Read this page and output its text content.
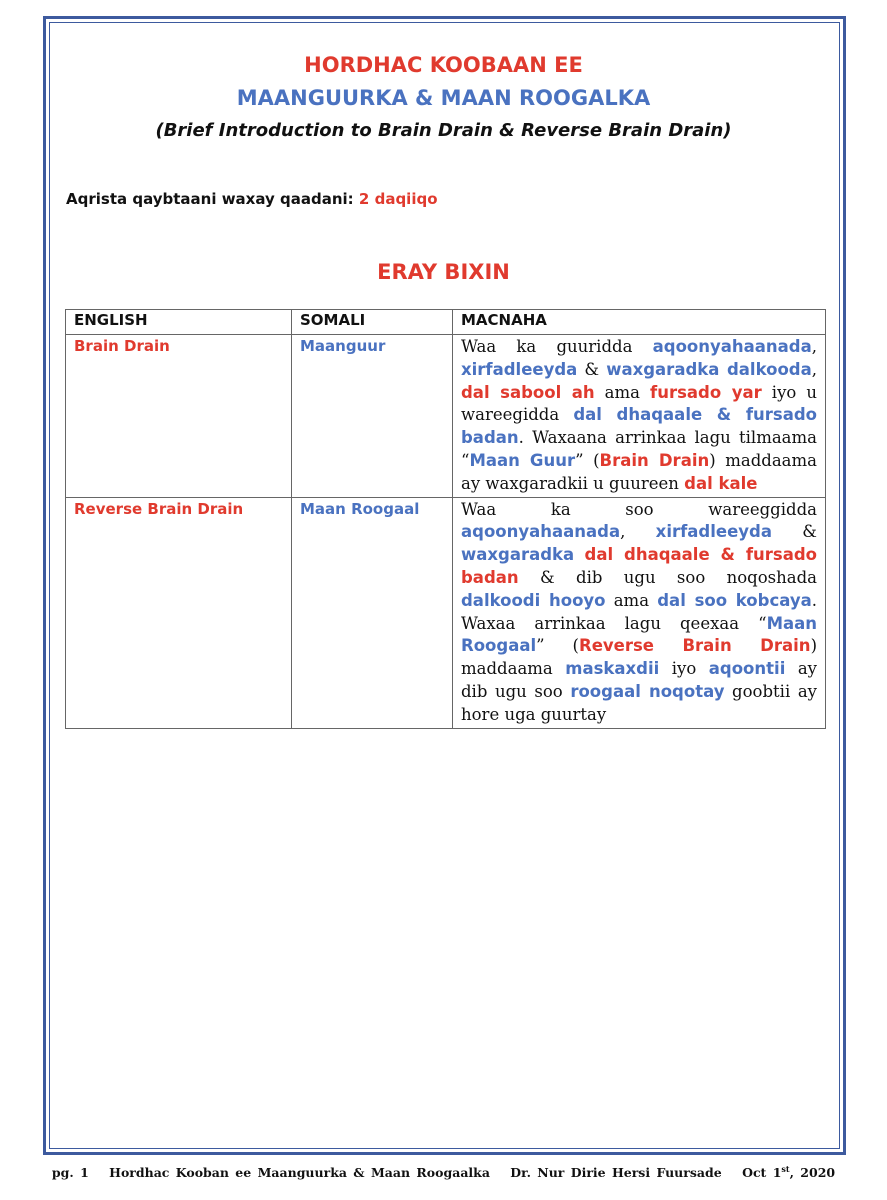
HORDHAC KOOBAAN EE
MAANGUURKA & MAAN ROOGALKA
(Brief Introduction to Brain Drain & Reverse Brain Drain)
Aqrista qaybtaani waxay qaadani: 2 daqiiqo
ERAY BIXIN
ENGLISH	SOMALI	MACNAHA
Brain Drain	Maanguur	Waa ka guuridda aqoonyahaanada, xirfadleeyda & waxgaradka dalkooda, dal sabool ah ama fursado yar iyo u wareegidda dal dhaqaale & fursado badan. Waxaana arrinkaa lagu tilmaama “Maan Guur” (Brain Drain) maddaama ay waxgaradkii u guureen dal kale
Reverse Brain Drain	Maan Roogaal	Waa ka soo wareeggidda aqoonyahaanada, xirfadleeyda & waxgaradka dal dhaqaale & fursado badan & dib ugu soo noqoshada dalkoodi hooyo ama dal soo kobcaya. Waxaa arrinkaa lagu qeexaa “Maan Roogaal” (Reverse Brain Drain) maddaama maskaxdii iyo aqoontii ay dib ugu soo roogaal noqotay goobtii ay hore uga guurtay
pg. 1 Hordhac Kooban ee Maanguurka & Maan Roogaalka Dr. Nur Dirie Hersi Fuursade Oct 1st, 2020
